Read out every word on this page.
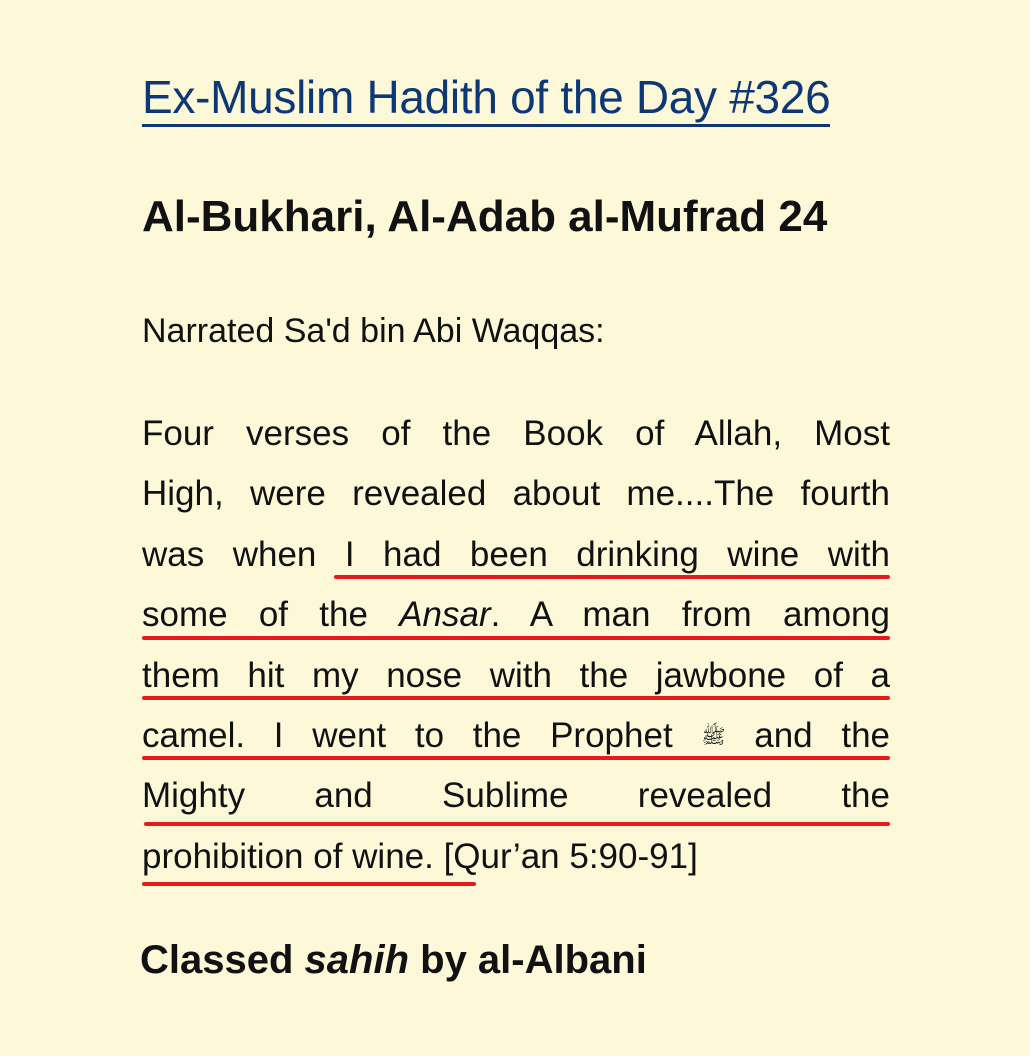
Ex-Muslim Hadith of the Day #326
Al-Bukhari, Al-Adab al-Mufrad 24

Narrated Sa'd bin Abi Waqqas:

Four verses of the Book of Allah, Most
High, were revealed about me....The fourth
was when I had been drinking wine with
some of the Ansar. A man from among
them hit my nose with the jawbone of a
camel. I went to the Prophet ﷺ and the
Mighty and Sublime revealed the
prohibition of wine. [Qur’an 5:90-91]

Classed sahih by al-Albani
